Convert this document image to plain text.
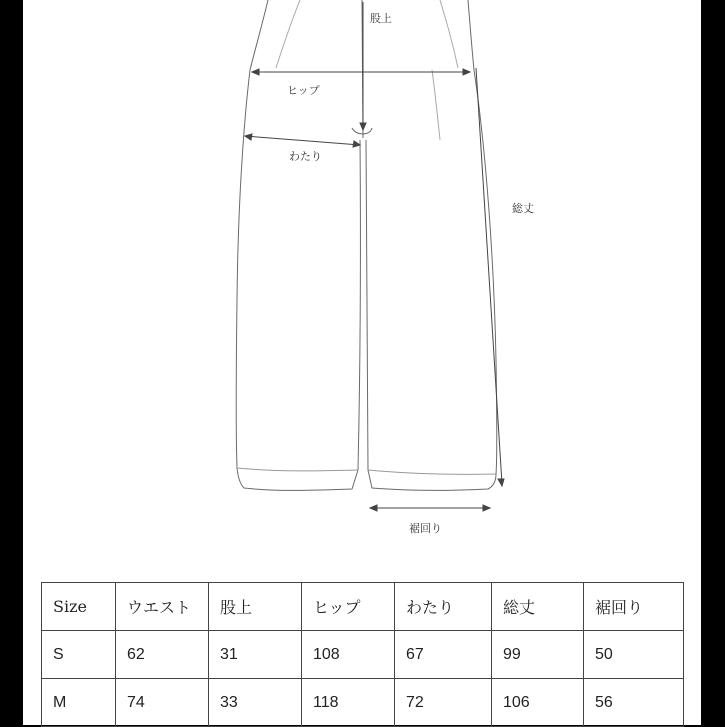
股上
ヒップ
わたり
総丈
裾回り
Size	ウエスト	股上	ヒップ	わたり	総丈	裾回り
S	62	31	108	67	99	50
M	74	33	118	72	106	56
